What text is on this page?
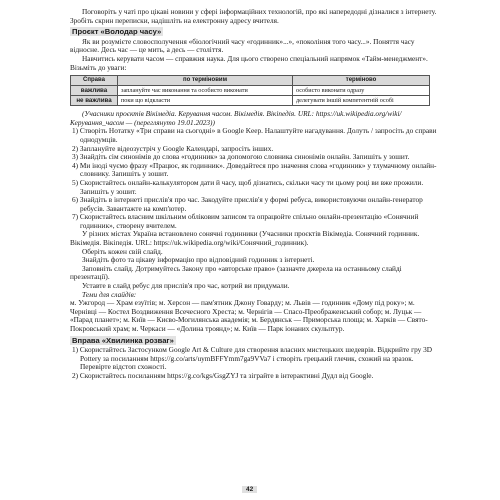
Поговоріть у чаті про цікаві новини у сфері інформаційних технологій, про які напередодні дізналися з інтернету. Зробіть скрин переписки, надішліть на електронну адресу вчителя.

Проєкт «Володар часу»

Як ви розумієте словосполучення «біологічний часу «годинник»...», «покоління того часу...». Поняття часу відносне. Десь час — це мить, а десь — століття.

Навчитись керувати часом — справжня наука. Для цього створено спеціальний напрямок «Тайм-менеджмент». Візьміть до уваги:

Справа	по терміновим	терміново
важлива	заплануйте час виконання та особисто виконати	особисто виконати одразу
не важлива	поки що відкласти	делегувати іншій компетентній особі

(Учасники проєктів Вікімедіа. Керування часом. Вікімедія. Вікіпедія. URL: https://uk.wikipedia.org/wiki/Керування_часом — (переглянуто 19.01.2023))

1) Створіть Нотатку «Три справи на сьогодні» в Google Keep. Налаштуйте нагадування. Долуть / запросіть до справи однодумців.

2) Заплануйте відеозустріч у Google Календарі, запросіть інших.

3) Знайдіть сім синонімів до слова «годинник» за допомогою словника синонімів онлайн. Запишіть у зошит.

4) Ми іноді чуємо фразу «Працює, як годинник». Доведайтеся про значення слова «годинник» у тлумачному онлайн-словнику. Запишіть у зошит.

5) Скористайтесь онлайн-калькулятором дати й часу, щоб дізнатись, скільки часу ти цьому році ви вже прожили. Запишіть у зошит.

6) Знайдіть в інтернеті прислів'я про час. Закодуйте прислів'я у формі ребуса, використовуючи онлайн-генератор ребусів. Завантажте на комп'ютер.

7) Скористайтесь власним шкільним обліковим записом та опрацюйте спільно онлайн-презентацію «Сонячний годинник», створену вчителем.

У різних містах Україна встановлено сонячні годинники (Учасники проєктів Вікімедіа. Сонячний годинник. Вікімедія. Вікіпедія. URL: https://uk.wikipedia.org/wiki/Сонячний_годинник).

Оберіть кожен свій слайд.

Знайдіть фото та цікаву інформацію про відповідний годинник з інтернеті.

Заповніть слайд. Дотримуйтесь Закону про «авторське право» (зазначте джерела на останньому слайді презентації).

Уставте в слайд ребус для прислів'я про час, котрий ви придумали.

Теми для слайдів:

м. Ужгород — Храм езуїтів; м. Херсон — пам'ятник Джону Говарду; м. Львів — годинник «Дому під року»; м. Чернівці — Костел Воздвиження Всечесного Хреста; м. Чернігів — Спасо-Преображенський собор; м. Луцьк — «Парад планет»; м. Київ — Києво-Могилянська академія; м. Бердянськ — Приморська площа; м. Харків — Свято-Покровський храм; м. Черкаси — «Долина троянд»; м. Київ — Парк іонаних скульптур.

Вправа «Хвилинка розваг»

1) Скористайтесь Застосунком Google Art & Culture для створення власних мистецьких шедеврів. Відкрийте гру 3D Pottery за посиланням https://g.co/arts/uymBFFYmm7ga9VVa7 і створіть грецький глечик, схожий на зразок. Перевірте відстоп схожості.

2) Скористайтесь посиланням https://g.co/kgs/GsgZYJ та зіграйте в інтерактивні Дудл від Google.

42
